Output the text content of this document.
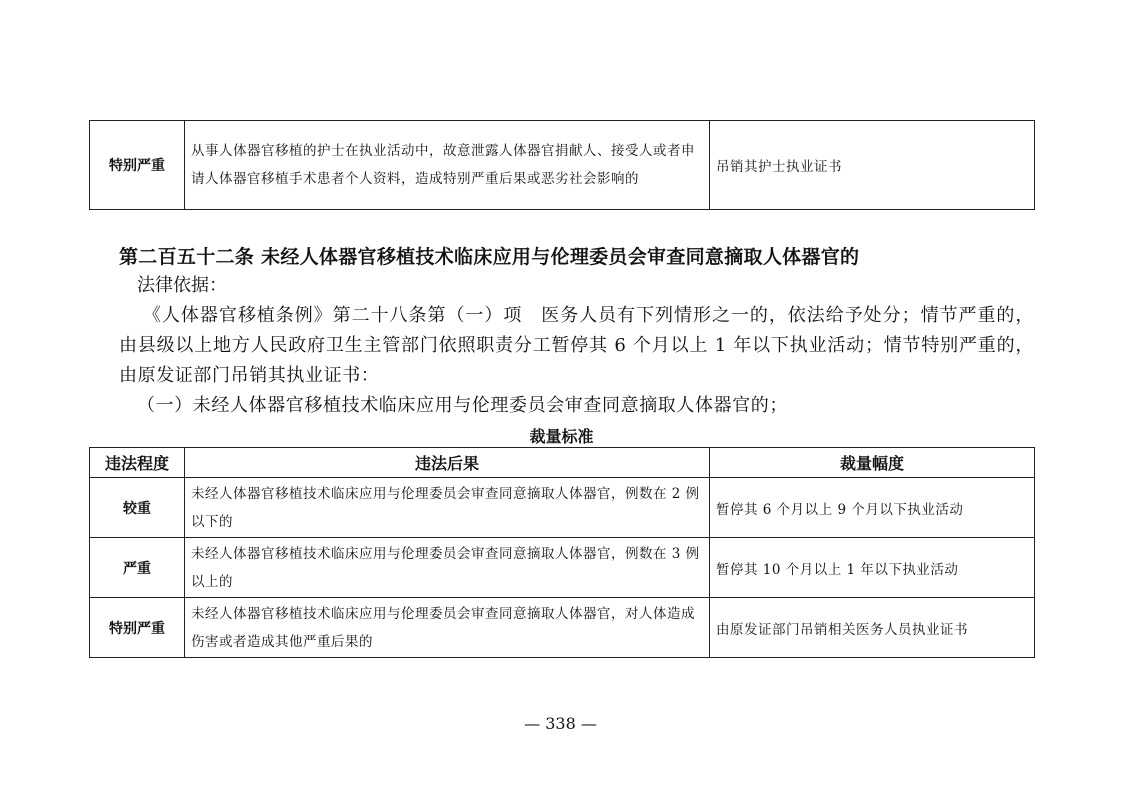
特别严重	从事人体器官移植的护士在执业活动中，故意泄露人体器官捐献人、接受人或者申请人体器官移植手术患者个人资料，造成特别严重后果或恶劣社会影响的	吊销其护士执业证书

第二百五十二条 未经人体器官移植技术临床应用与伦理委员会审查同意摘取人体器官的

法律依据：

《人体器官移植条例》第二十八条第（一）项　医务人员有下列情形之一的，依法给予处分；情节严重的，由县级以上地方人民政府卫生主管部门依照职责分工暂停其 6 个月以上 1 年以下执业活动；情节特别严重的，由原发证部门吊销其执业证书：

（一）未经人体器官移植技术临床应用与伦理委员会审查同意摘取人体器官的；

裁量标准

违法程度	违法后果	裁量幅度
较重	未经人体器官移植技术临床应用与伦理委员会审查同意摘取人体器官，例数在 2 例以下的	暂停其 6 个月以上 9 个月以下执业活动
严重	未经人体器官移植技术临床应用与伦理委员会审查同意摘取人体器官，例数在 3 例以上的	暂停其 10 个月以上 1 年以下执业活动
特别严重	未经人体器官移植技术临床应用与伦理委员会审查同意摘取人体器官，对人体造成伤害或者造成其他严重后果的	由原发证部门吊销相关医务人员执业证书

— 338 —
